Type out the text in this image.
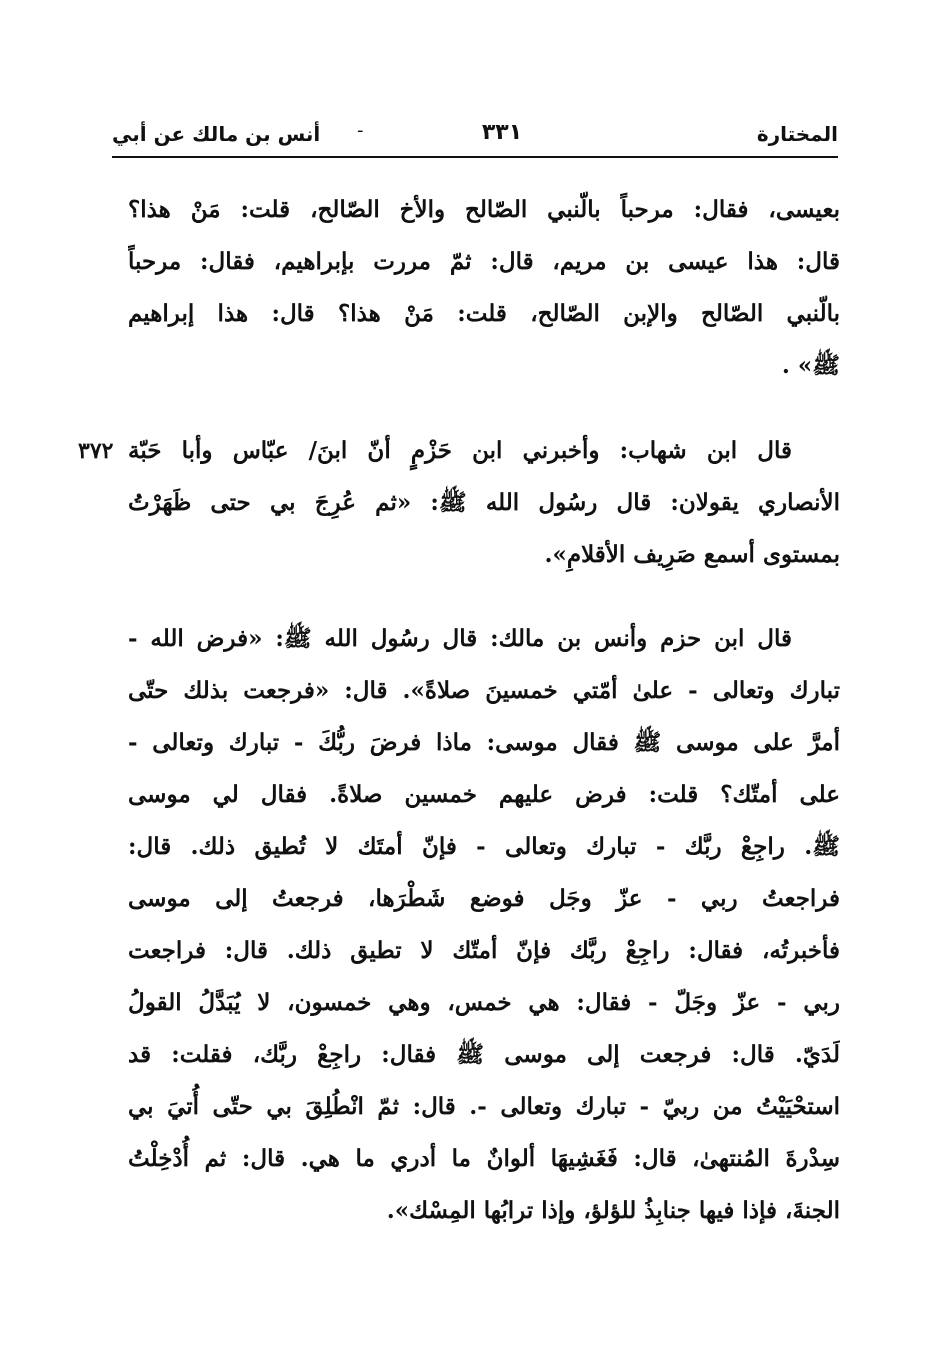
المختارة
٣٣١
-
أنس بن مالك عن أبي
بعيسى، فقال: مرحباً بالّنبي الصّالح والأخ الصّالح، قلت: مَنْ هذا؟
قال: هذا عيسى بن مريم، قال: ثمّ مررت بإبراهيم، فقال: مرحباً
بالّنبي الصّالح والإبن الصّالح، قلت: مَنْ هذا؟ قال: هذا إبراهيم
ﷺ» .
٣٧٢ قال ابن شهاب: وأخبرني ابن حَزْمٍ أنّ ابنَ/ عبّاس وأبا حَبّة
الأنصاري يقولان: قال رسُول الله ﷺ: «ثم عُرِجَ بي حتى ظَهَرْتُ
بمستوى أسمع صَرِيف الأقلامِ».
قال ابن حزم وأنس بن مالك: قال رسُول الله ﷺ: «فرض الله -
تبارك وتعالى - علىٰ أمّتي خمسينَ صلاةً». قال: «فرجعت بذلك حتّى
أمرَّ على موسى ﷺ فقال موسى: ماذا فرضَ ربُّكَ - تبارك وتعالى -
على أمتّك؟ قلت: فرض عليهم خمسين صلاةً. فقال لي موسى
ﷺ. راجِعْ ربَّك - تبارك وتعالى - فإنّ أمتَك لا تُطيق ذلك. قال:
فراجعتُ ربي - عزّ وجَل فوضع شَطْرَها، فرجعتُ إلى موسى
فأخبرتُه، فقال: راجِعْ ربَّك فإنّ أمتّك لا تطيق ذلك. قال: فراجعت
ربي - عزّ وجَلّ - فقال: هي خمس، وهي خمسون، لا يُبَدَّلُ القولُ
لَدَيّ. قال: فرجعت إلى موسى ﷺ فقال: راجِعْ ربَّك، فقلت: قد
استحْيَيْتُ من ربيّ - تبارك وتعالى -. قال: ثمّ انْطُلِقَ بي حتّى أُتيَ بي
سِدْرةَ المُنتهىٰ، قال: فَغَشِيهَا ألوانٌ ما أدري ما هي. قال: ثم أُدْخِلْتُ
الجنةَ، فإذا فيها جنابِذُ للؤلؤ، وإذا ترابُها المِسْك».
